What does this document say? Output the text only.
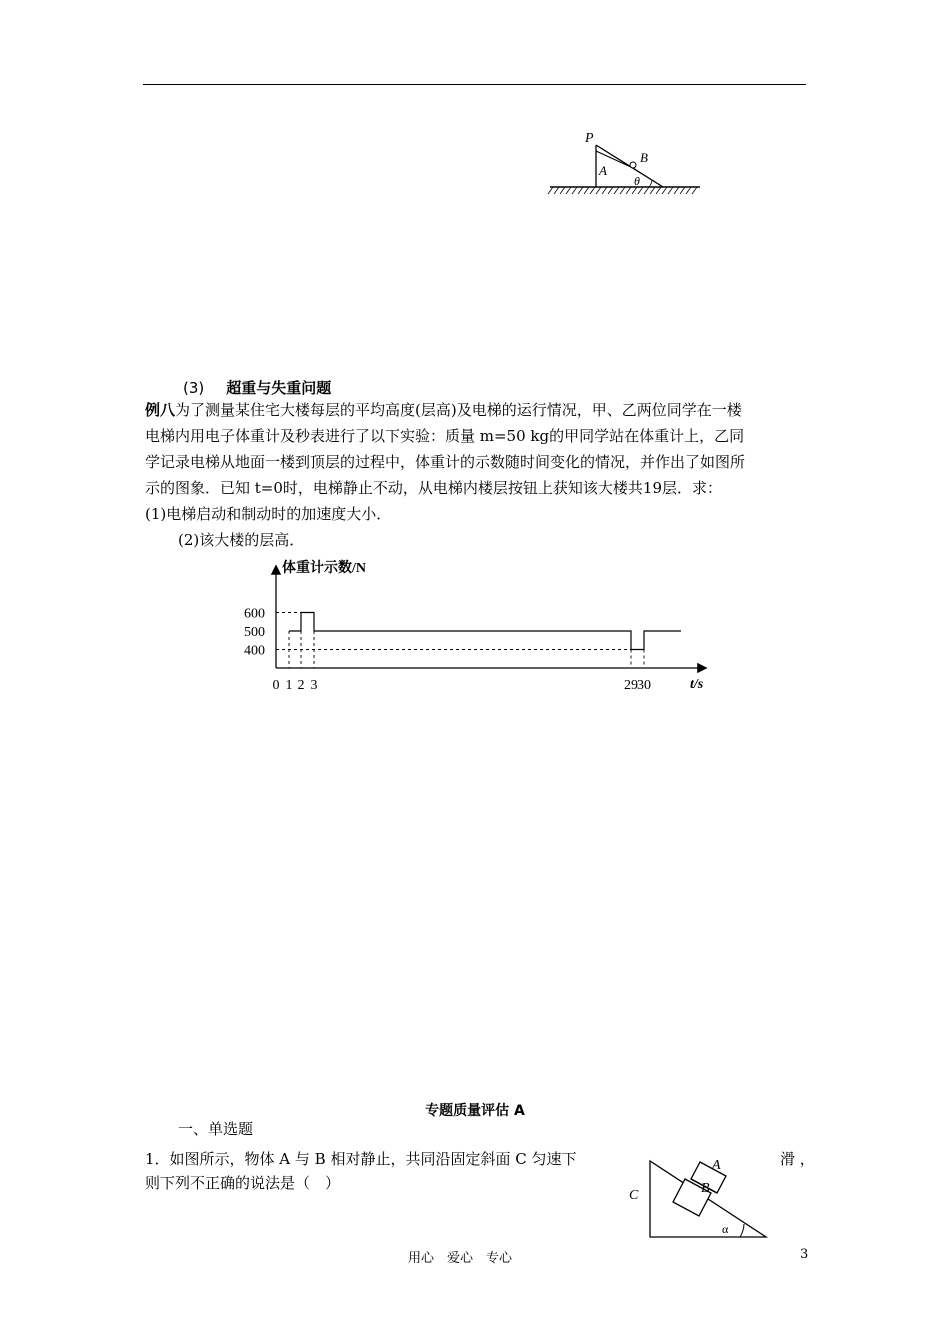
P
A
B
θ
(3) 超重与失重问题
例八为了测量某住宅大楼每层的平均高度(层高)及电梯的运行情况，甲、乙两位同学在一楼
电梯内用电子体重计及秒表进行了以下实验：质量 m=50 kg的甲同学站在体重计上，乙同
学记录电梯从地面一楼到顶层的过程中，体重计的示数随时间变化的情况，并作出了如图所
示的图象．已知 t=0时，电梯静止不动，从电梯内楼层按钮上获知该大楼共19层．求：
(1)电梯启动和制动时的加速度大小．
(2)该大楼的层高．
体重计示数/N
t/s
600
500
400
0 1 2 3	29 30
专题质量评估 A
一、单选题
1．如图所示，物体 A 与 B 相对静止，共同沿固定斜面 C 匀速下	滑 ，
则下列不正确的说法是（　）
A
B
C
α
用心　爱心　专心	3
